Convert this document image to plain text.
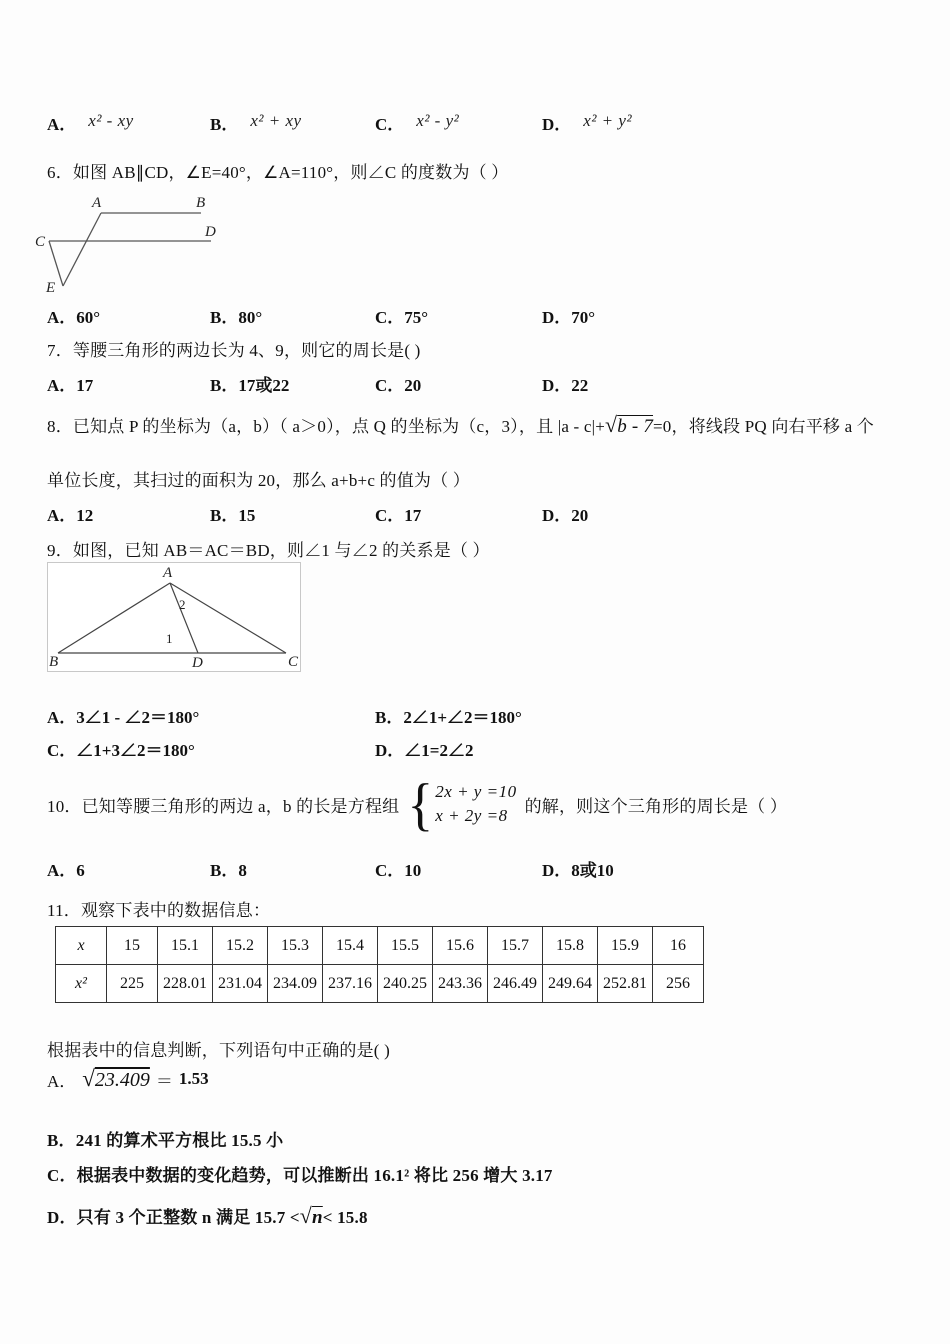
A． x² - xy	B． x² + xy	C． x² - y²	D． x² + y²
6．如图 AB∥CD，∠E=40°，∠A=110°，则∠C 的度数为（ ）
A	B
C
D
E
A．60°	B．80°	C．75°	D．70°
7．等腰三角形的两边长为 4、9，则它的周长是( )
A．17	B．17或22	C．20	D．22
8．已知点 P 的坐标为（a，b）（ a＞0），点 Q 的坐标为（c，3），且 |a - c|+√b - 7=0，将线段 PQ 向右平移 a 个
单位长度，其扫过的面积为 20，那么 a+b+c 的值为（ ）
A．12	B．15	C．17	D．20
9．如图，已知 AB＝AC＝BD，则∠1 与∠2 的关系是（ ）
A
B	C
D
2
1
A．3∠1 - ∠2＝180°	B．2∠1+∠2＝180°
C．∠1+3∠2＝180°	D．∠1=2∠2
10．已知等腰三角形的两边 a，b 的长是方程组 { 2x + y =10
x + 2y =8	的解，则这个三角形的周长是（ ）
A．6	B．8	C．10	D．8或10
11．观察下表中的数据信息：
x	15	15.1	15.2	15.3	15.4	15.5	15.6	15.7	15.8	15.9	16
x²	225	228.01	231.04	234.09	237.16	240.25	243.36	246.49	249.64	252.81	256
根据表中的信息判断，下列语句中正确的是( )
A． √23.409 ＝ 1.53
B．241 的算术平方根比 15.5 小
C．根据表中数据的变化趋势，可以推断出 16.1² 将比 256 增大 3.17
D．只有 3 个正整数 n 满足 15.7 <√n< 15.8
